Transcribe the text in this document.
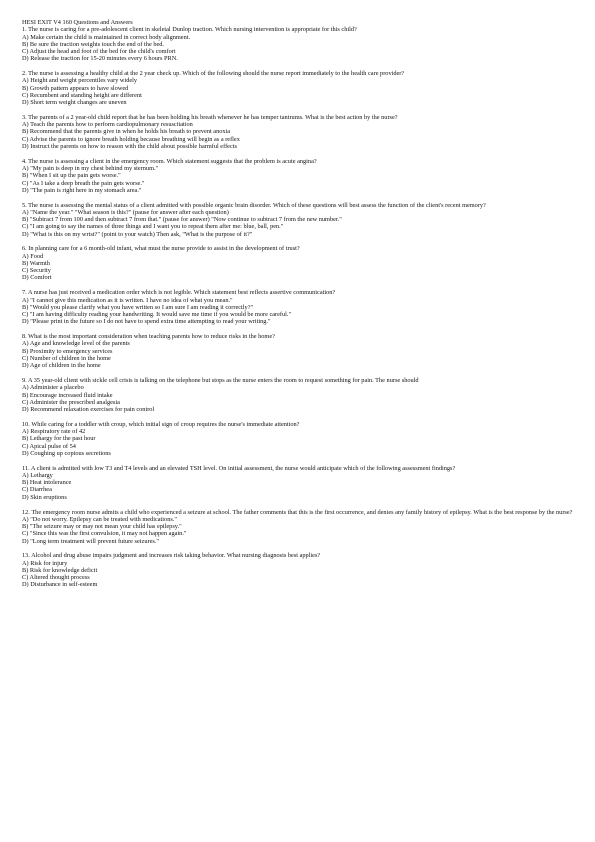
HESI EXIT V4 160 Questions and Answers
1. The nurse is caring for a pre-adolescent client in skeletal Dunlop traction. Which nursing intervention is appropriate for this child?
A) Make certain the child is maintained in correct body alignment.
B) Be sure the traction weights touch the end of the bed.
C) Adjust the head and foot of the bed for the child's comfort
D) Release the traction for 15-20 minutes every 6 hours PRN.
2. The nurse is assessing a healthy child at the 2 year check up. Which of the following should the nurse report immediately to the health care provider?
A) Height and weight percentiles vary widely
B) Growth pattern appears to have slowed
C) Recumbent and standing height are different
D) Short term weight changes are uneven
3. The parents of a 2 year-old child report that he has been holding his breath whenever he has temper tantrums. What is the best action by the nurse?
A) Teach the parents how to perform cardiopulmonary resuscitation
B) Recommend that the parents give in when he holds his breath to prevent anoxia
C) Advise the parents to ignore breath holding because breathing will begin as a reflex
D) Instruct the parents on how to reason with the child about possible harmful effects
4. The nurse is assessing a client in the emergency room. Which statement suggests that the problem is acute angina?
A) "My pain is deep in my chest behind my sternum."
B) "When I sit up the pain gets worse."
C) "As I take a deep breath the pain gets worse."
D) "The pain is right here in my stomach area."
5. The nurse is assessing the mental status of a client admitted with possible organic brain disorder. Which of these questions will best assess the function of the client's recent memory?
A) "Name the year." "What season is this?" (pause for answer after each question)
B) "Subtract 7 from 100 and then subtract 7 from that." (pause for answer) "Now continue to subtract 7 from the new number."
C) "I am going to say the names of three things and I want you to repeat them after me: blue, ball, pen."
D) "What is this on my wrist?" (point to your watch) Then ask, "What is the purpose of it?"
6. In planning care for a 6 month-old infant, what must the nurse provide to assist in the development of trust?
A) Food
B) Warmth
C) Security
D) Comfort
7. A nurse has just received a medication order which is not legible. Which statement best reflects assertive communication?
A) "I cannot give this medication as it is written. I have no idea of what you mean."
B) "Would you please clarify what you have written so I am sure I am reading it correctly?"
C) "I am having difficulty reading your handwriting. It would save me time if you would be more careful."
D) "Please print in the future so I do not have to spend extra time attempting to read your writing."
8. What is the most important consideration when teaching parents how to reduce risks in the home?
A) Age and knowledge level of the parents
B) Proximity to emergency services
C) Number of children in the home
D) Age of children in the home
9. A 35 year-old client with sickle cell crisis is talking on the telephone but stops as the nurse enters the room to request something for pain. The nurse should
A) Administer a placebo
B) Encourage increased fluid intake
C) Administer the prescribed analgesia
D) Recommend relaxation exercises for pain control
10. While caring for a toddler with croup, which initial sign of croup requires the nurse's immediate attention?
A) Respiratory rate of 42
B) Lethargy for the past hour
C) Apical pulse of 54
D) Coughing up copious secretions
11. A client is admitted with low T3 and T4 levels and an elevated TSH level. On initial assessment, the nurse would anticipate which of the following assessment findings?
A) Lethargy
B) Heat intolerance
C) Diarrhea
D) Skin eruptions
12. The emergency room nurse admits a child who experienced a seizure at school. The father comments that this is the first occurrence, and denies any family history of epilepsy. What is the best response by the nurse?
A) "Do not worry. Epilepsy can be treated with medications."
B) "The seizure may or may not mean your child has epilepsy."
C) "Since this was the first convulsion, it may not happen again."
D) "Long term treatment will prevent future seizures."
13. Alcohol and drug abuse impairs judgment and increases risk taking behavior. What nursing diagnosis best applies?
A) Risk for injury
B) Risk for knowledge deficit
C) Altered thought process
D) Disturbance in self-esteem
